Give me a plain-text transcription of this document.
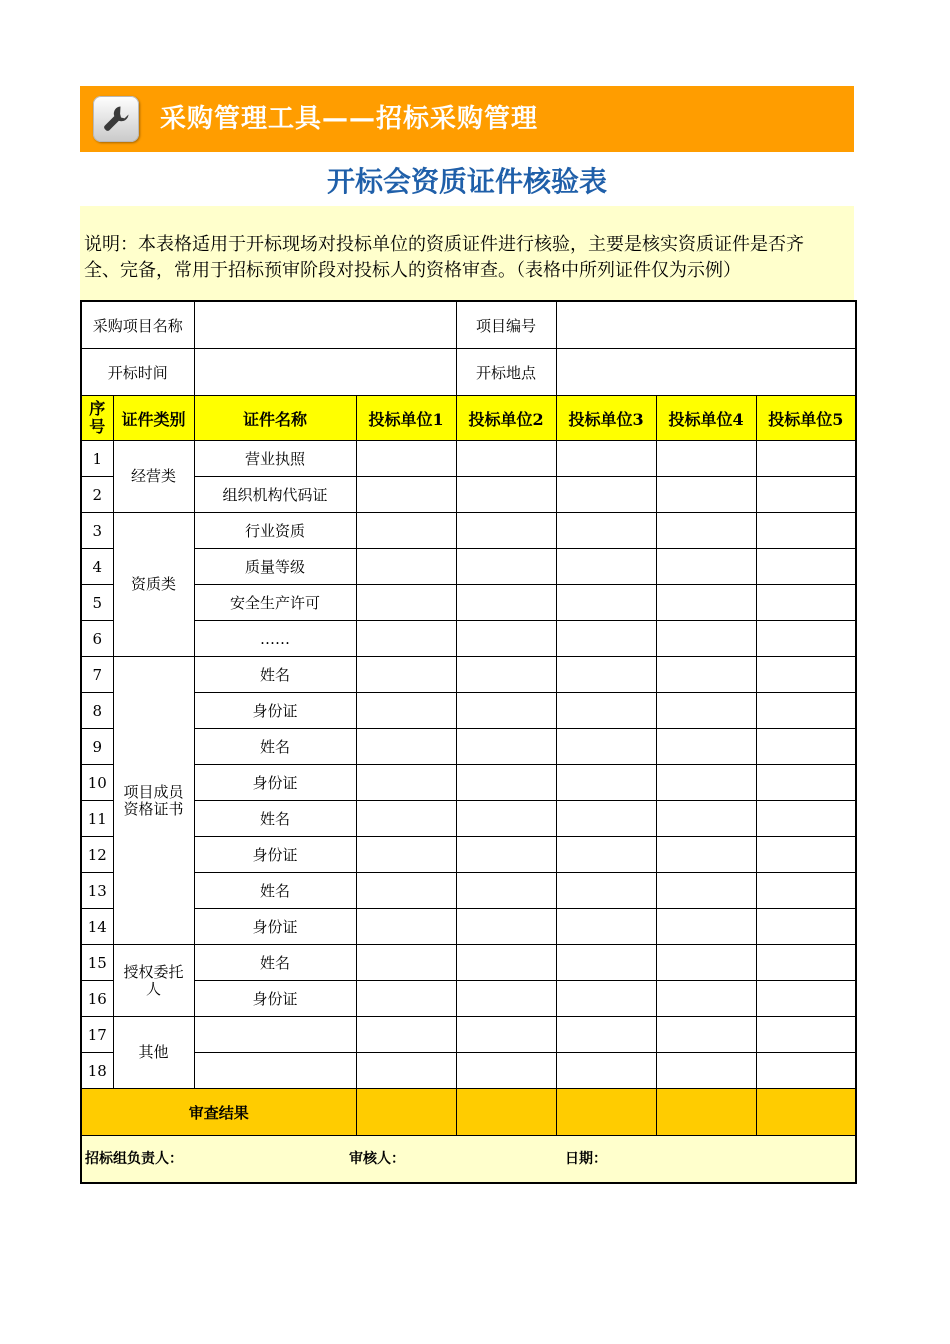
采购管理工具——招标采购管理
开标会资质证件核验表
说明：本表格适用于开标现场对投标单位的资质证件进行核验，主要是核实资质证件是否齐
全、完备，常用于招标预审阶段对投标人的资格审查。（表格中所列证件仅为示例）
采购项目名称				项目编号			
开标时间				开标地点			
序号	证件类别	证件名称	投标单位1	投标单位2	投标单位3	投标单位4	投标单位5
1	经营类	营业执照					
2		组织机构代码证					
3	资质类	行业资质					
4		质量等级					
5		安全生产许可					
6		……					
7	项目成员资格证书	姓名					
8		身份证					
9		姓名					
10		身份证					
11		姓名					
12		身份证					
13		姓名					
14		身份证					
15	授权委托人	姓名					
16		身份证					
17	其他						
18							
审查结果							

招标组负责人： 审核人： 日期：							
